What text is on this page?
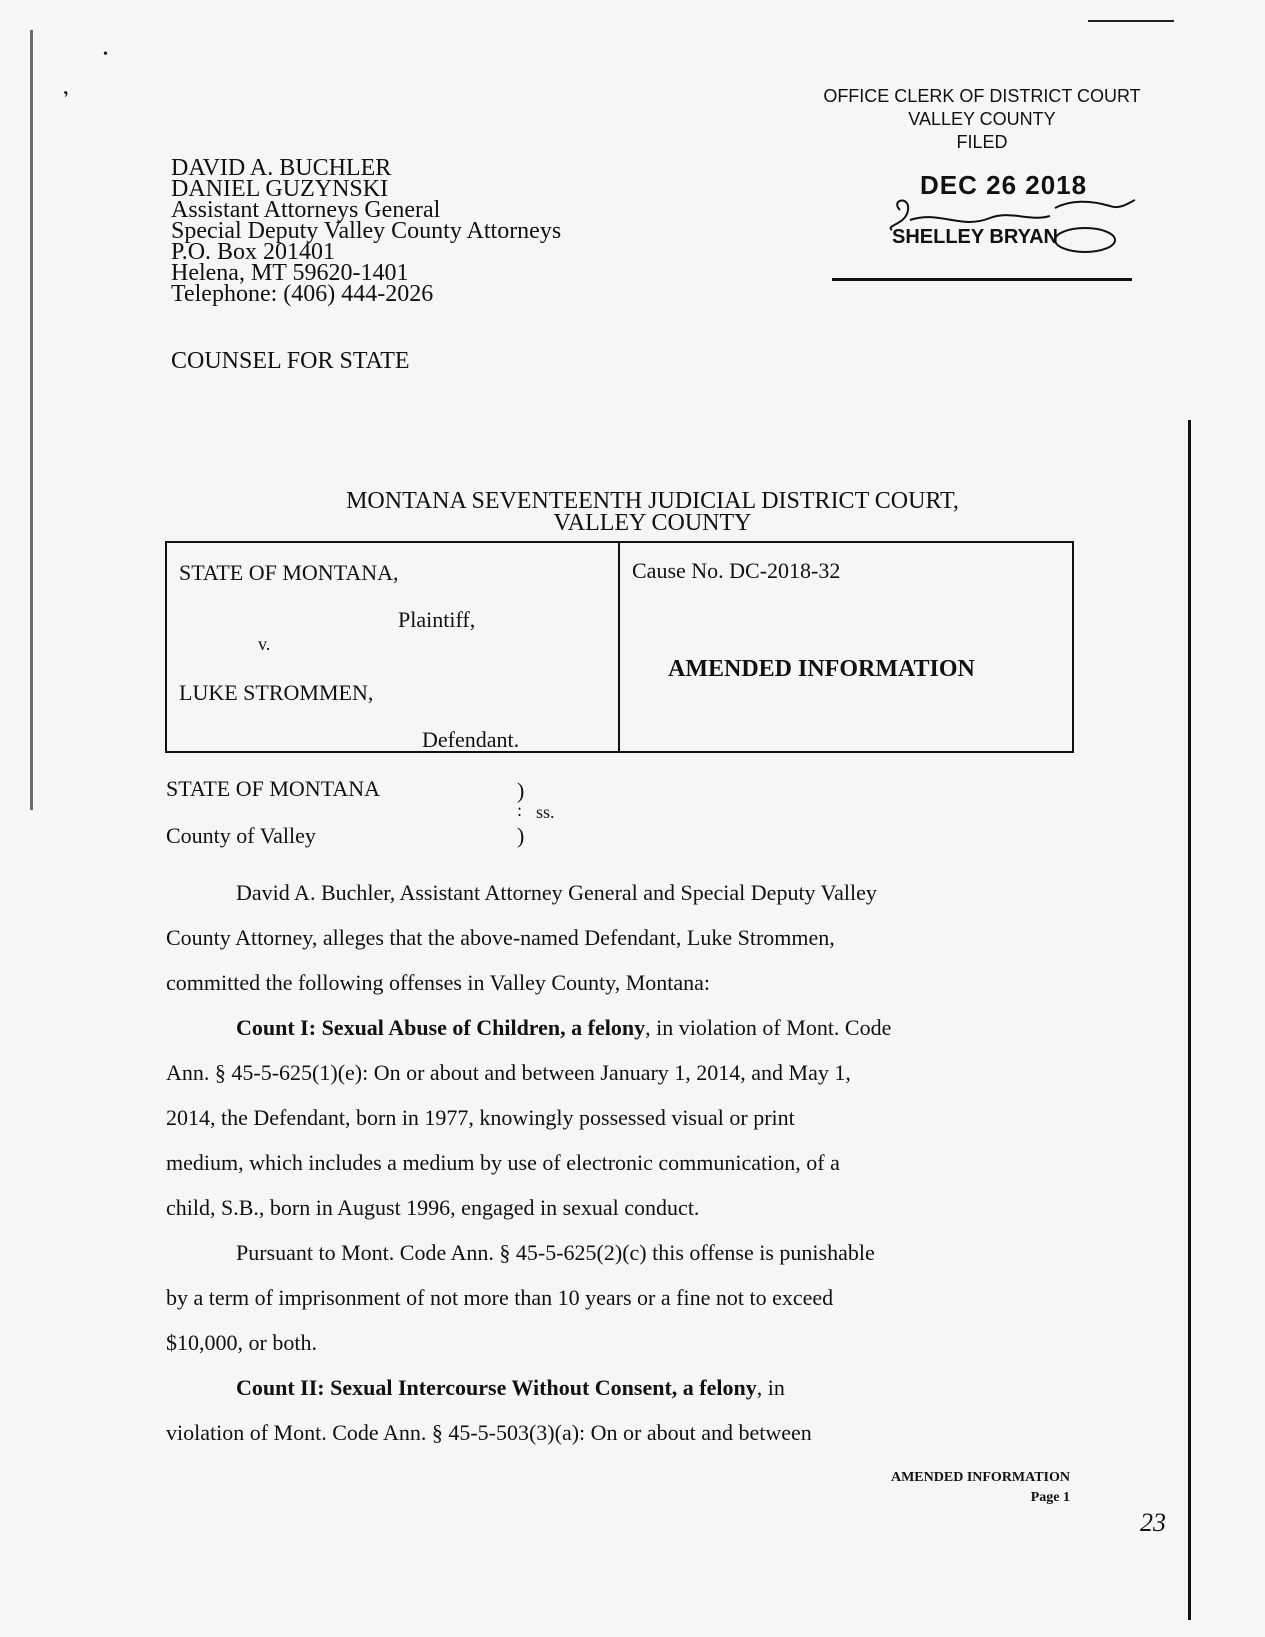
•
,	OFFICE CLERK OF DISTRICT COURT
VALLEY COUNTY
FILED
DEC 26 2018
SHELLEY BRYAN
DAVID A. BUCHLER
DANIEL GUZYNSKI
Assistant Attorneys General
Special Deputy Valley County Attorneys
P.O. Box 201401
Helena, MT 59620-1401
Telephone: (406) 444-2026
COUNSEL FOR STATE
MONTANA SEVENTEENTH JUDICIAL DISTRICT COURT,
VALLEY COUNTY
STATE OF MONTANA,
Plaintiff,
v.
LUKE STROMMEN,
Defendant.
Cause No. DC-2018-32
AMENDED INFORMATION
STATE OF MONTANA
County of Valley
)
: ss.
)
David A. Buchler, Assistant Attorney General and Special Deputy Valley
County Attorney, alleges that the above-named Defendant, Luke Strommen,
committed the following offenses in Valley County, Montana:
Count I: Sexual Abuse of Children, a felony, in violation of Mont. Code
Ann. § 45-5-625(1)(e): On or about and between January 1, 2014, and May 1,
2014, the Defendant, born in 1977, knowingly possessed visual or print
medium, which includes a medium by use of electronic communication, of a
child, S.B., born in August 1996, engaged in sexual conduct.
Pursuant to Mont. Code Ann. § 45-5-625(2)(c) this offense is punishable
by a term of imprisonment of not more than 10 years or a fine not to exceed
$10,000, or both.
Count II: Sexual Intercourse Without Consent, a felony, in
violation of Mont. Code Ann. § 45-5-503(3)(a): On or about and between
AMENDED INFORMATION
Page 1
23
